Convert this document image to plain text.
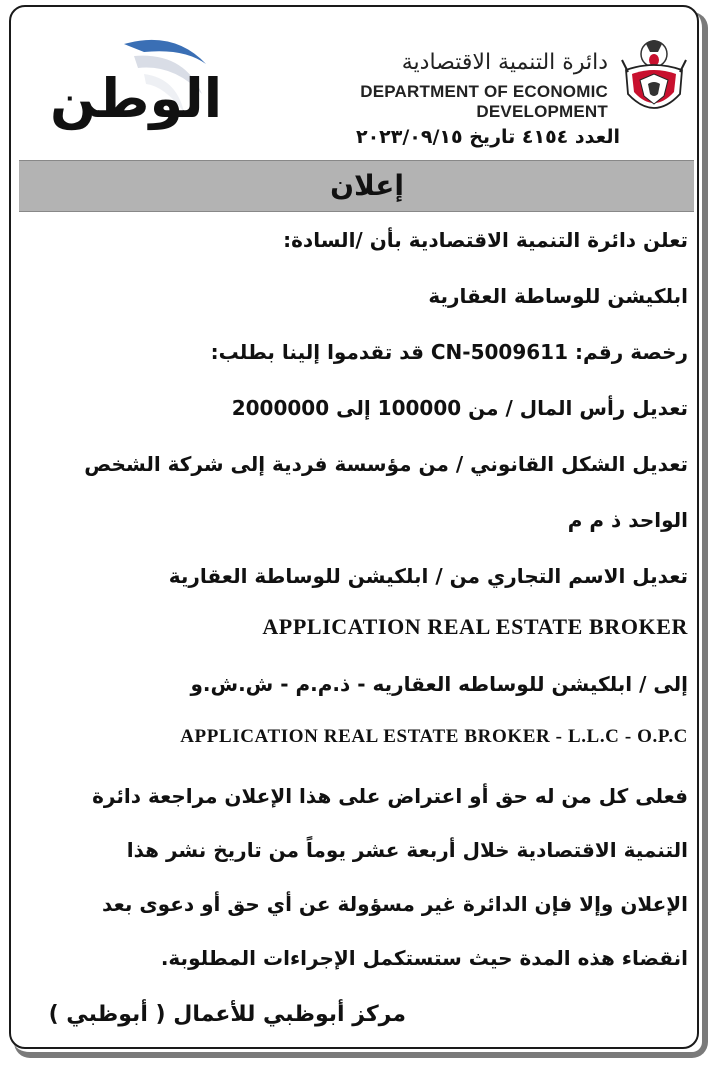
الوطن
دائرة التنمية الاقتصادية
DEPARTMENT OF ECONOMIC DEVELOPMENT
العدد ٤١٥٤ تاريخ ٢٠٢٣/٠٩/١٥
إعلان
تعلن دائرة التنمية الاقتصادية بأن /السادة:
ابلكيشن للوساطة العقارية
رخصة رقم: CN-5009611 قد تقدموا إلينا بطلب:
تعديل رأس المال / من 100000 إلى 2000000
تعديل الشكل القانوني / من مؤسسة فردية إلى شركة الشخص
الواحد ذ م م
تعديل الاسم التجاري من / ابلكيشن للوساطة العقارية
APPLICATION REAL ESTATE BROKER
إلى / ابلكيشن للوساطه العقاريه - ذ.م.م - ش.ش.و
APPLICATION REAL ESTATE BROKER - L.L.C - O.P.C
فعلى كل من له حق أو اعتراض على هذا الإعلان مراجعة دائرة
التنمية الاقتصادية خلال أربعة عشر يوماً من تاريخ نشر هذا
الإعلان وإلا فإن الدائرة غير مسؤولة عن أي حق أو دعوى بعد
انقضاء هذه المدة حيث ستستكمل الإجراءات المطلوبة.
مركز أبوظبي للأعمال ( أبوظبي )
